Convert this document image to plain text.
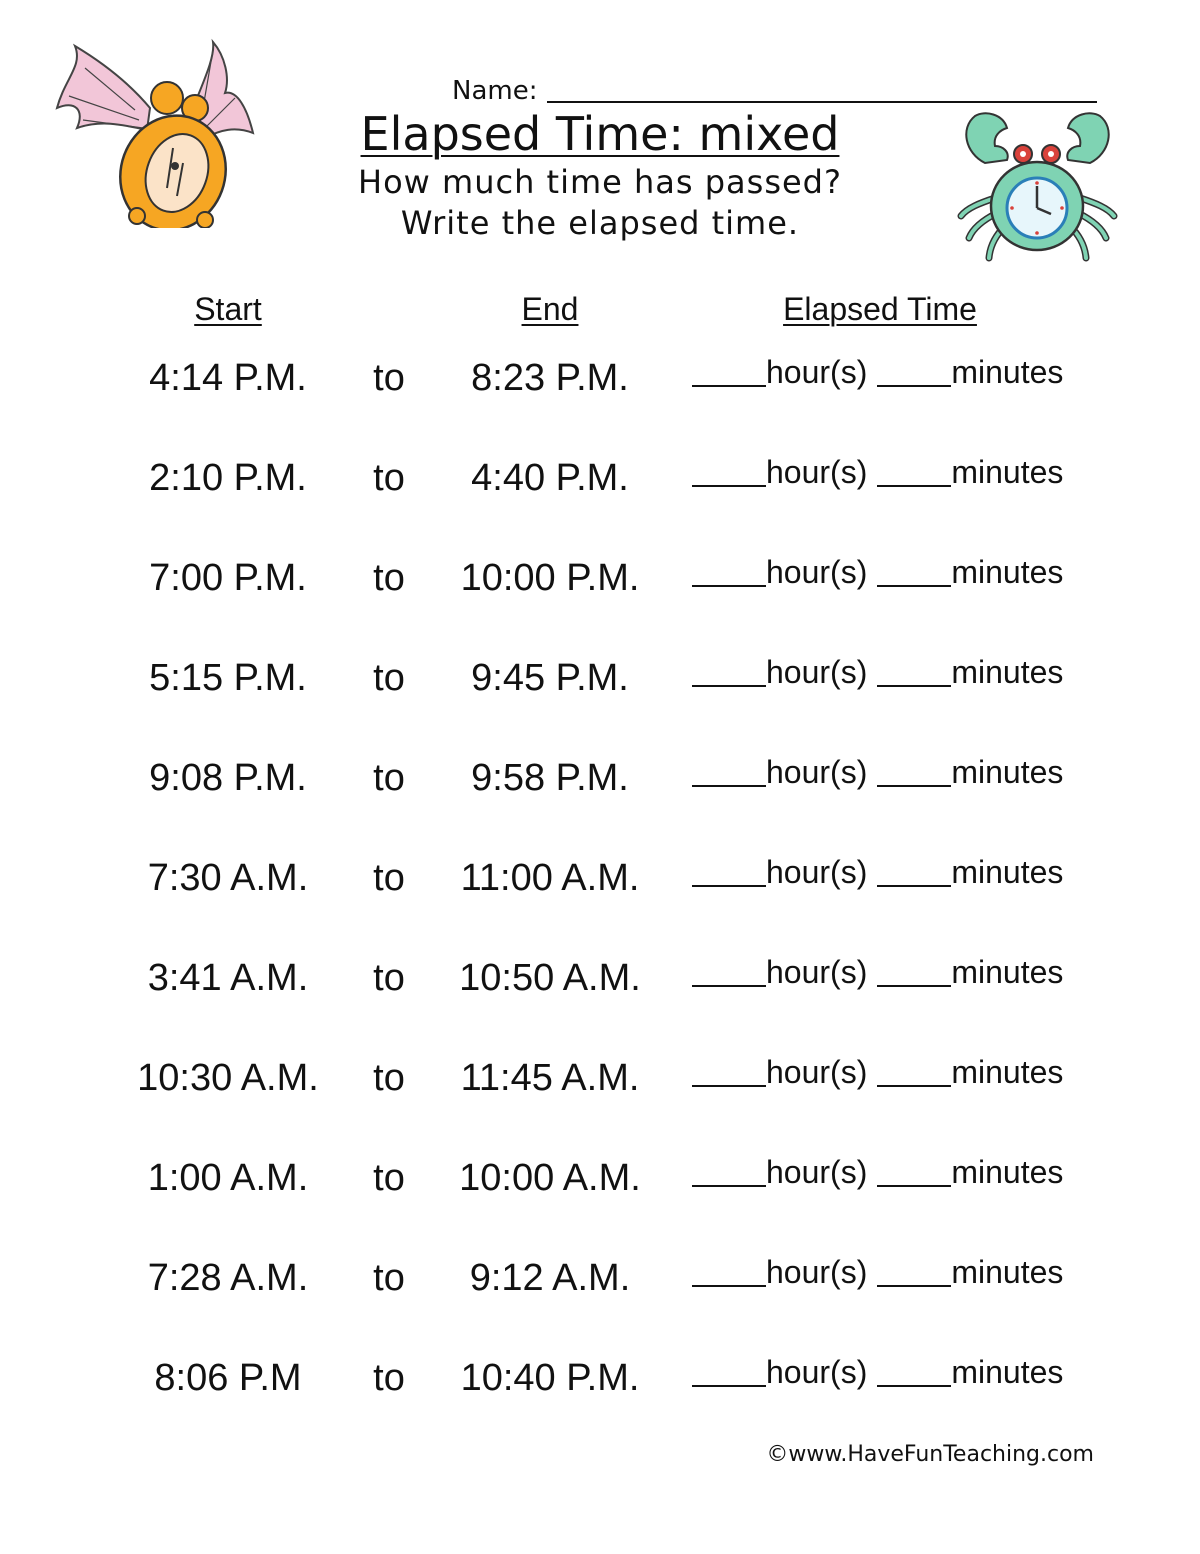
Name:
Elapsed Time: mixed
How much time has passed?
Write the elapsed time.
Start	End	Elapsed Time
4:14 P.M.	to	8:23 P.M.	hour(s)	minutes
2:10 P.M.	to	4:40 P.M.	hour(s)	minutes
7:00 P.M.	to	10:00 P.M.	hour(s)	minutes
5:15 P.M.	to	9:45 P.M.	hour(s)	minutes
9:08 P.M.	to	9:58 P.M.	hour(s)	minutes
7:30 A.M.	to	11:00 A.M.	hour(s)	minutes
3:41 A.M.	to	10:50 A.M.	hour(s)	minutes
10:30 A.M.	to	11:45 A.M.	hour(s)	minutes
1:00 A.M.	to	10:00 A.M.	hour(s)	minutes
7:28 A.M.	to	9:12 A.M.	hour(s)	minutes
8:06 P.M	to	10:40 P.M.	hour(s)	minutes
©www.HaveFunTeaching.com
